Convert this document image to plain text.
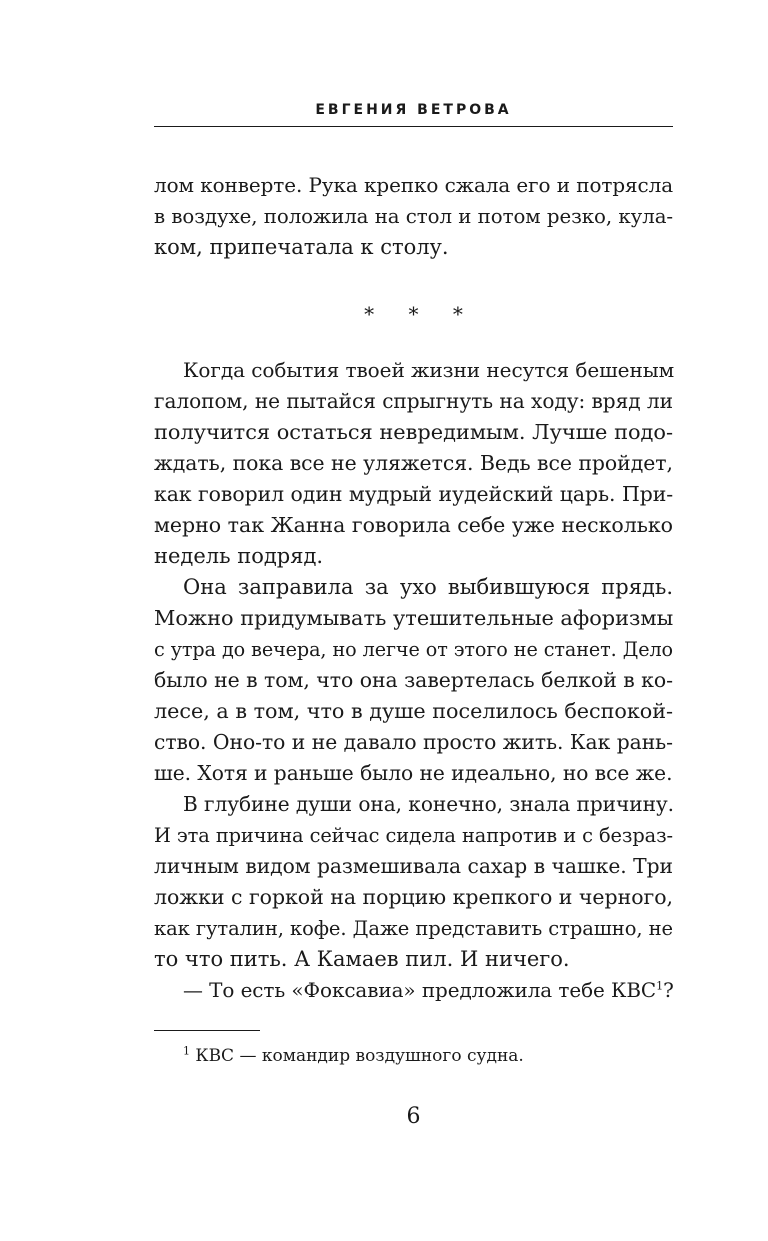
ЕВГЕНИЯ ВЕТРОВА
лом конверте. Рука крепко сжала его и потрясла
в воздухе, положила на стол и потом резко, кула-
ком, припечатала к столу.
* * *
Когда события твоей жизни несутся бешеным
галопом, не пытайся спрыгнуть на ходу: вряд ли
получится остаться невредимым. Лучше подо-
ждать, пока все не уляжется. Ведь все пройдет,
как говорил один мудрый иудейский царь. При-
мерно так Жанна говорила себе уже несколько
недель подряд.
Она заправила за ухо выбившуюся прядь.
Можно придумывать утешительные афоризмы
с утра до вечера, но легче от этого не станет. Дело
было не в том, что она завертелась белкой в ко-
лесе, а в том, что в душе поселилось беспокой-
ство. Оно-то и не давало просто жить. Как рань-
ше. Хотя и раньше было не идеально, но все же.
В глубине души она, конечно, знала причину.
И эта причина сейчас сидела напротив и с безраз-
личным видом размешивала сахар в чашке. Три
ложки с горкой на порцию крепкого и черного,
как гуталин, кофе. Даже представить страшно, не
то что пить. А Камаев пил. И ничего.
— То есть «Фоксавиа» предложила тебе КВС$^1$?
$^1$ КВС — командир воздушного судна.
6
